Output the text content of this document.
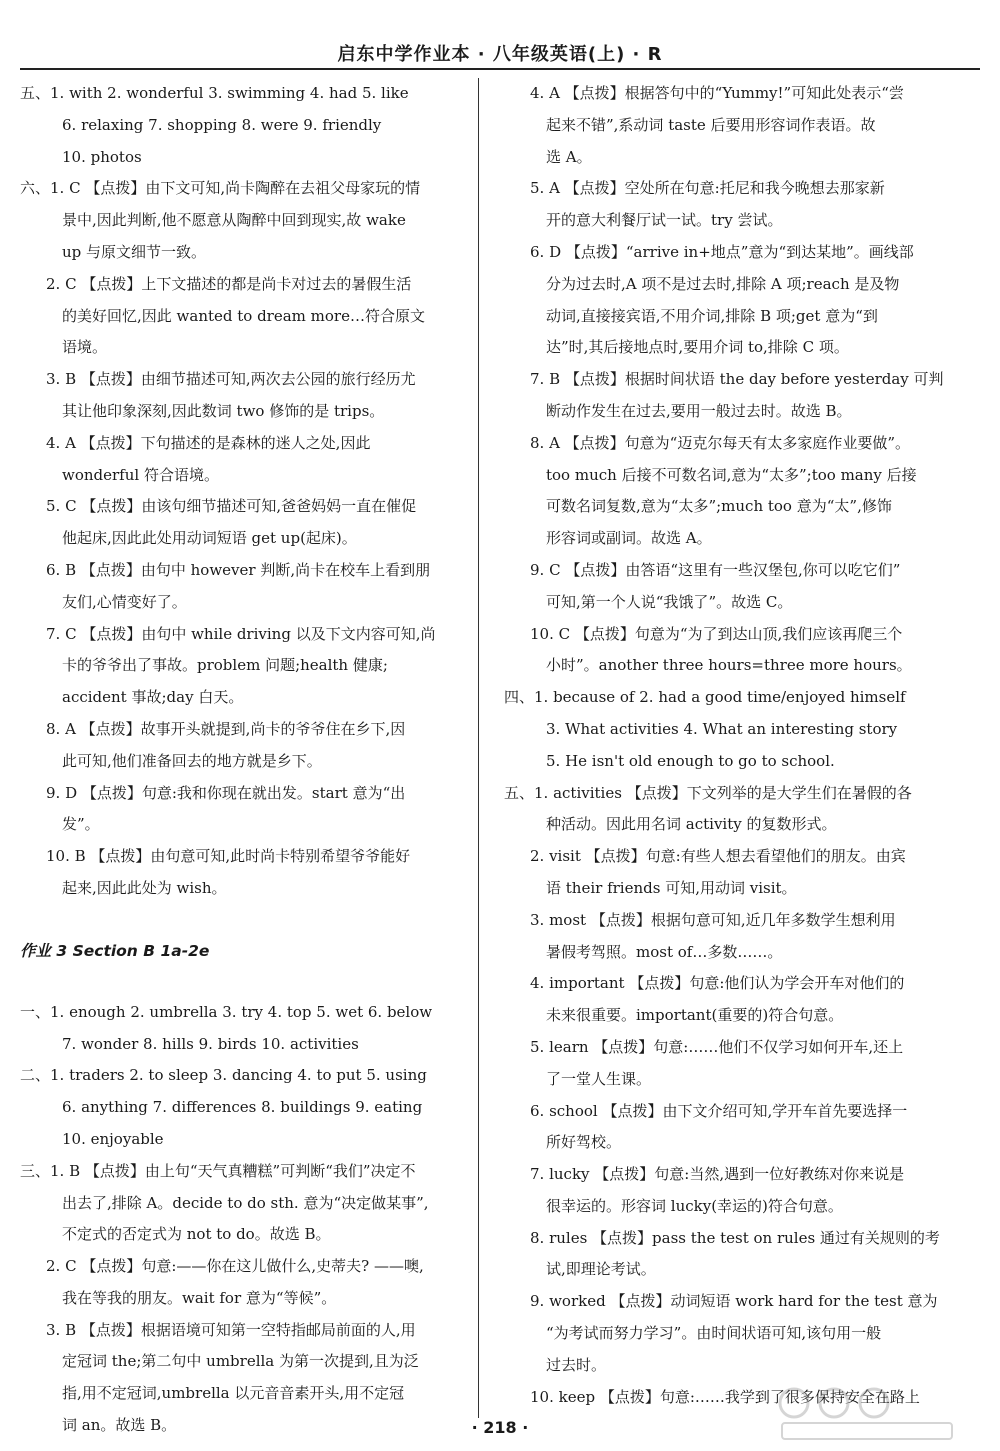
启东中学作业本 · 八年级英语(上) · R
五、1. with 2. wonderful 3. swimming 4. had 5. like
6. relaxing 7. shopping 8. were 9. friendly
10. photos
六、1. C 【点拨】由下文可知,尚卡陶醉在去祖父母家玩的情
景中,因此判断,他不愿意从陶醉中回到现实,故 wake
up 与原文细节一致。
2. C 【点拨】上下文描述的都是尚卡对过去的暑假生活
的美好回忆,因此 wanted to dream more…符合原文
语境。
3. B 【点拨】由细节描述可知,两次去公园的旅行经历尤
其让他印象深刻,因此数词 two 修饰的是 trips。
4. A 【点拨】下句描述的是森林的迷人之处,因此
wonderful 符合语境。
5. C 【点拨】由该句细节描述可知,爸爸妈妈一直在催促
他起床,因此此处用动词短语 get up(起床)。
6. B 【点拨】由句中 however 判断,尚卡在校车上看到朋
友们,心情变好了。
7. C 【点拨】由句中 while driving 以及下文内容可知,尚
卡的爷爷出了事故。problem 问题;health 健康;
accident 事故;day 白天。
8. A 【点拨】故事开头就提到,尚卡的爷爷住在乡下,因
此可知,他们准备回去的地方就是乡下。
9. D 【点拨】句意:我和你现在就出发。start 意为“出
发”。
10. B 【点拨】由句意可知,此时尚卡特别希望爷爷能好
起来,因此此处为 wish。
作业 3 Section B 1a-2e
一、1. enough 2. umbrella 3. try 4. top 5. wet 6. below
7. wonder 8. hills 9. birds 10. activities
二、1. traders 2. to sleep 3. dancing 4. to put 5. using
6. anything 7. differences 8. buildings 9. eating
10. enjoyable
三、1. B 【点拨】由上句“天气真糟糕”可判断“我们”决定不
出去了,排除 A。decide to do sth. 意为“决定做某事”,
不定式的否定式为 not to do。故选 B。
2. C 【点拨】句意:——你在这儿做什么,史蒂夫? ——噢,
我在等我的朋友。wait for 意为“等候”。
3. B 【点拨】根据语境可知第一空特指邮局前面的人,用
定冠词 the;第二句中 umbrella 为第一次提到,且为泛
指,用不定冠词,umbrella 以元音音素开头,用不定冠
词 an。故选 B。
4. A 【点拨】根据答句中的“Yummy!”可知此处表示“尝
起来不错”,系动词 taste 后要用形容词作表语。故
选 A。
5. A 【点拨】空处所在句意:托尼和我今晚想去那家新
开的意大利餐厅试一试。try 尝试。
6. D 【点拨】“arrive in+地点”意为“到达某地”。画线部
分为过去时,A 项不是过去时,排除 A 项;reach 是及物
动词,直接接宾语,不用介词,排除 B 项;get 意为“到
达”时,其后接地点时,要用介词 to,排除 C 项。
7. B 【点拨】根据时间状语 the day before yesterday 可判
断动作发生在过去,要用一般过去时。故选 B。
8. A 【点拨】句意为“迈克尔每天有太多家庭作业要做”。
too much 后接不可数名词,意为“太多”;too many 后接
可数名词复数,意为“太多”;much too 意为“太”,修饰
形容词或副词。故选 A。
9. C 【点拨】由答语“这里有一些汉堡包,你可以吃它们”
可知,第一个人说“我饿了”。故选 C。
10. C 【点拨】句意为“为了到达山顶,我们应该再爬三个
小时”。another three hours=three more hours。
四、1. because of 2. had a good time/enjoyed himself
3. What activities 4. What an interesting story
5. He isn't old enough to go to school.
五、1. activities 【点拨】下文列举的是大学生们在暑假的各
种活动。因此用名词 activity 的复数形式。
2. visit 【点拨】句意:有些人想去看望他们的朋友。由宾
语 their friends 可知,用动词 visit。
3. most 【点拨】根据句意可知,近几年多数学生想利用
暑假考驾照。most of…多数……。
4. important 【点拨】句意:他们认为学会开车对他们的
未来很重要。important(重要的)符合句意。
5. learn 【点拨】句意:……他们不仅学习如何开车,还上
了一堂人生课。
6. school 【点拨】由下文介绍可知,学开车首先要选择一
所好驾校。
7. lucky 【点拨】句意:当然,遇到一位好教练对你来说是
很幸运的。形容词 lucky(幸运的)符合句意。
8. rules 【点拨】pass the test on rules 通过有关规则的考
试,即理论考试。
9. worked 【点拨】动词短语 work hard for the test 意为
“为考试而努力学习”。由时间状语可知,该句用一般
过去时。
10. keep 【点拨】句意:……我学到了很多保持安全在路上
· 218 ·
